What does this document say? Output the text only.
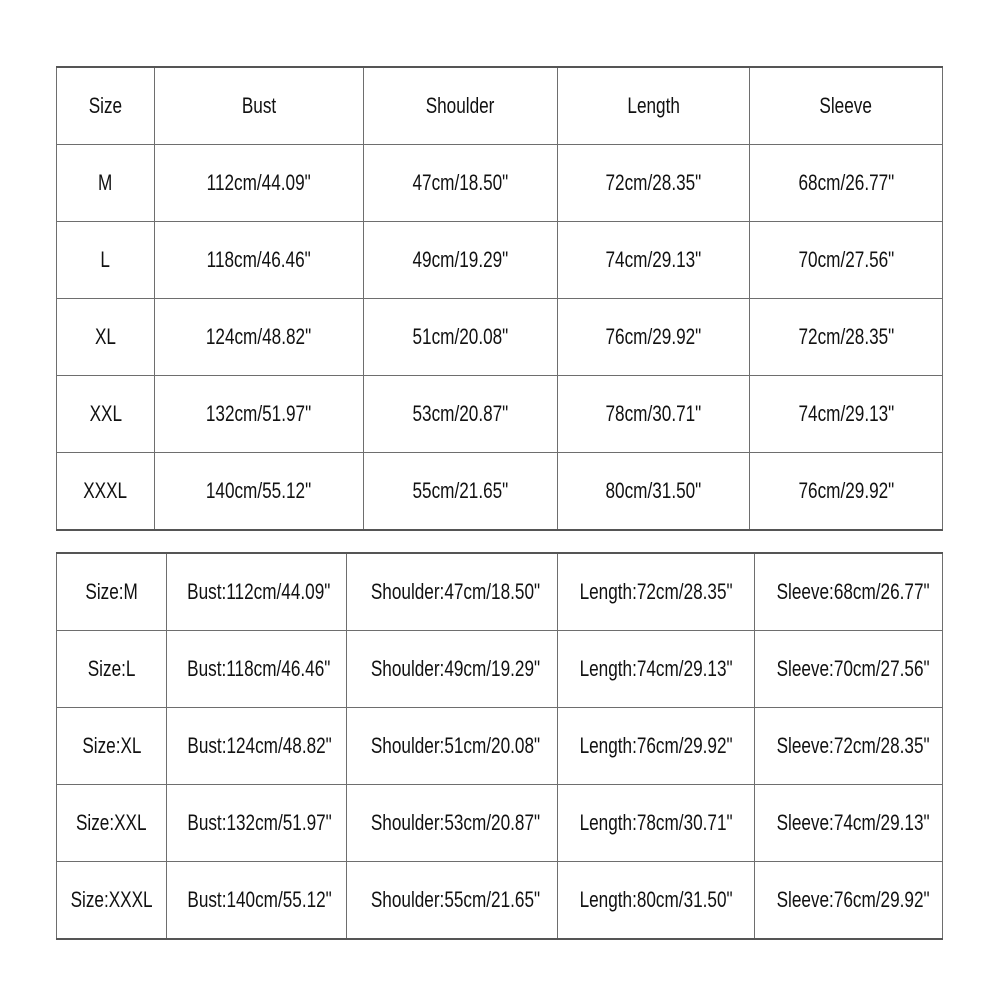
Size	Bust	Shoulder	Length	Sleeve
M	112cm/44.09"	47cm/18.50"	72cm/28.35"	68cm/26.77"
L	118cm/46.46"	49cm/19.29"	74cm/29.13"	70cm/27.56"
XL	124cm/48.82"	51cm/20.08"	76cm/29.92"	72cm/28.35"
XXL	132cm/51.97"	53cm/20.87"	78cm/30.71"	74cm/29.13"
XXXL	140cm/55.12"	55cm/21.65"	80cm/31.50"	76cm/29.92"
Size:M	Bust:112cm/44.09"	Shoulder:47cm/18.50"	Length:72cm/28.35"	Sleeve:68cm/26.77"
Size:L	Bust:118cm/46.46"	Shoulder:49cm/19.29"	Length:74cm/29.13"	Sleeve:70cm/27.56"
Size:XL	Bust:124cm/48.82"	Shoulder:51cm/20.08"	Length:76cm/29.92"	Sleeve:72cm/28.35"
Size:XXL	Bust:132cm/51.97"	Shoulder:53cm/20.87"	Length:78cm/30.71"	Sleeve:74cm/29.13"
Size:XXXL	Bust:140cm/55.12"	Shoulder:55cm/21.65"	Length:80cm/31.50"	Sleeve:76cm/29.92"
